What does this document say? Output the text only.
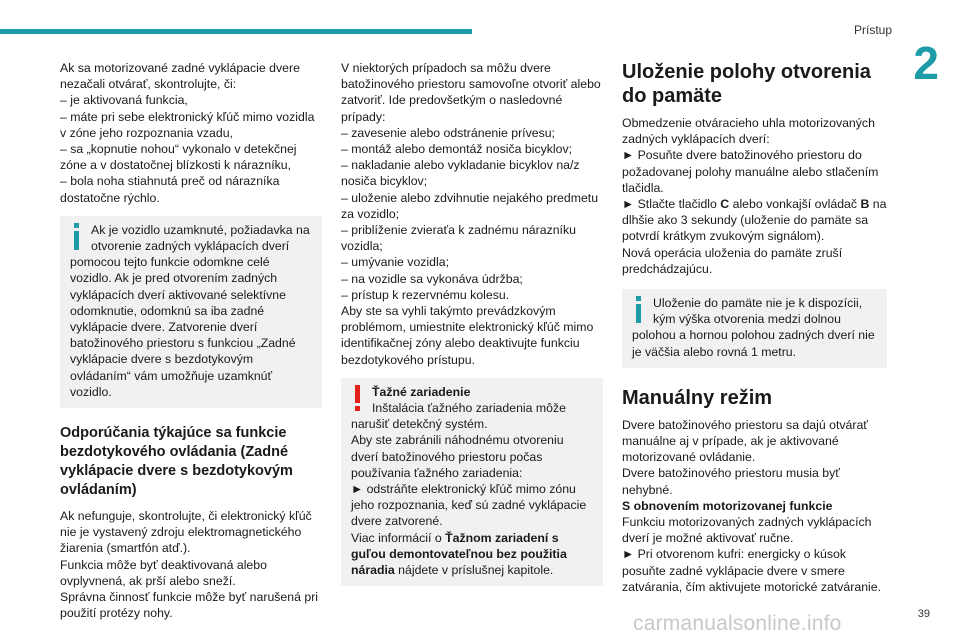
Prístup
2

Ak sa motorizované zadné vyklápacie dvere nezačali otvárať, skontrolujte, či:

– je aktivovaná funkcia,

– máte pri sebe elektronický kľúč mimo vozidla v zóne jeho rozpoznania vzadu,

– sa „kopnutie nohou“ vykonalo v detekčnej zóne a v dostatočnej blízkosti k nárazníku,

– bola noha stiahnutá preč od nárazníka dostatočne rýchlo.

Ak je vozidlo uzamknuté, požiadavka na otvorenie zadných vyklápacích dverí

pomocou tejto funkcie odomkne celé vozidlo. Ak je pred otvorením zadných vyklápacích dverí aktivované selektívne odomknutie, odomknú sa iba zadné vyklápacie dvere. Zatvorenie dverí batožinového priestoru s funkciou „Zadné vyklápacie dvere s bezdotykovým ovládaním“ vám umožňuje uzamknúť vozidlo.

Odporúčania týkajúce sa funkcie bezdotykového ovládania (Zadné vyklápacie dvere s bezdotykovým ovládaním)

Ak nefunguje, skontrolujte, či elektronický kľúč nie je vystavený zdroju elektromagnetického žiarenia (smartfón atď.).

Funkcia môže byť deaktivovaná alebo ovplyvnená, ak prší alebo sneží.

Správna činnosť funkcie môže byť narušená pri použití protézy nohy.

V niektorých prípadoch sa môžu dvere batožinového priestoru samovoľne otvoriť alebo zatvoriť. Ide predovšetkým o nasledovné prípady:

– zavesenie alebo odstránenie prívesu;

– montáž alebo demontáž nosiča bicyklov;

– nakladanie alebo vykladanie bicyklov na/z nosiča bicyklov;

– uloženie alebo zdvihnutie nejakého predmetu za vozidlo;

– priblíženie zvieraťa k zadnému nárazníku vozidla;

– umývanie vozidla;

– na vozidle sa vykonáva údržba;

– prístup k rezervnému kolesu.

Aby ste sa vyhli takýmto prevádzkovým problémom, umiestnite elektronický kľúč mimo identifikačnej zóny alebo deaktivujte funkciu bezdotykového prístupu.

Ťažné zariadenie

Inštalácia ťažného zariadenia môže

narušiť detekčný systém.

Aby ste zabránili náhodnému otvoreniu dverí batožinového priestoru počas používania ťažného zariadenia:

► odstráňte elektronický kľúč mimo zónu jeho rozpoznania, keď sú zadné vyklápacie dvere zatvorené.

Viac informácií o Ťažnom zariadení s guľou demontovateľnou bez použitia náradia nájdete v príslušnej kapitole.

Uloženie polohy otvorenia do pamäte

Obmedzenie otváracieho uhla motorizovaných zadných vyklápacích dverí:

► Posuňte dvere batožinového priestoru do požadovanej polohy manuálne alebo stlačením tlačidla.

► Stlačte tlačidlo C alebo vonkajší ovládač B na dlhšie ako 3 sekundy (uloženie do pamäte sa potvrdí krátkym zvukovým signálom).

Nová operácia uloženia do pamäte zruší predchádzajúcu.

Uloženie do pamäte nie je k dispozícii, kým výška otvorenia medzi dolnou

polohou a hornou polohou zadných dverí nie je väčšia alebo rovná 1 metru.

Manuálny režim

Dvere batožinového priestoru sa dajú otvárať manuálne aj v prípade, ak je aktivované motorizované ovládanie.

Dvere batožinového priestoru musia byť nehybné.

S obnovením motorizovanej funkcie

Funkciu motorizovaných zadných vyklápacích dverí je možné aktivovať ručne.

► Pri otvorenom kufri: energicky o kúsok posuňte zadné vyklápacie dvere v smere zatvárania, čím aktivujete motorické zatváranie.

39
carmanualsonline.info
